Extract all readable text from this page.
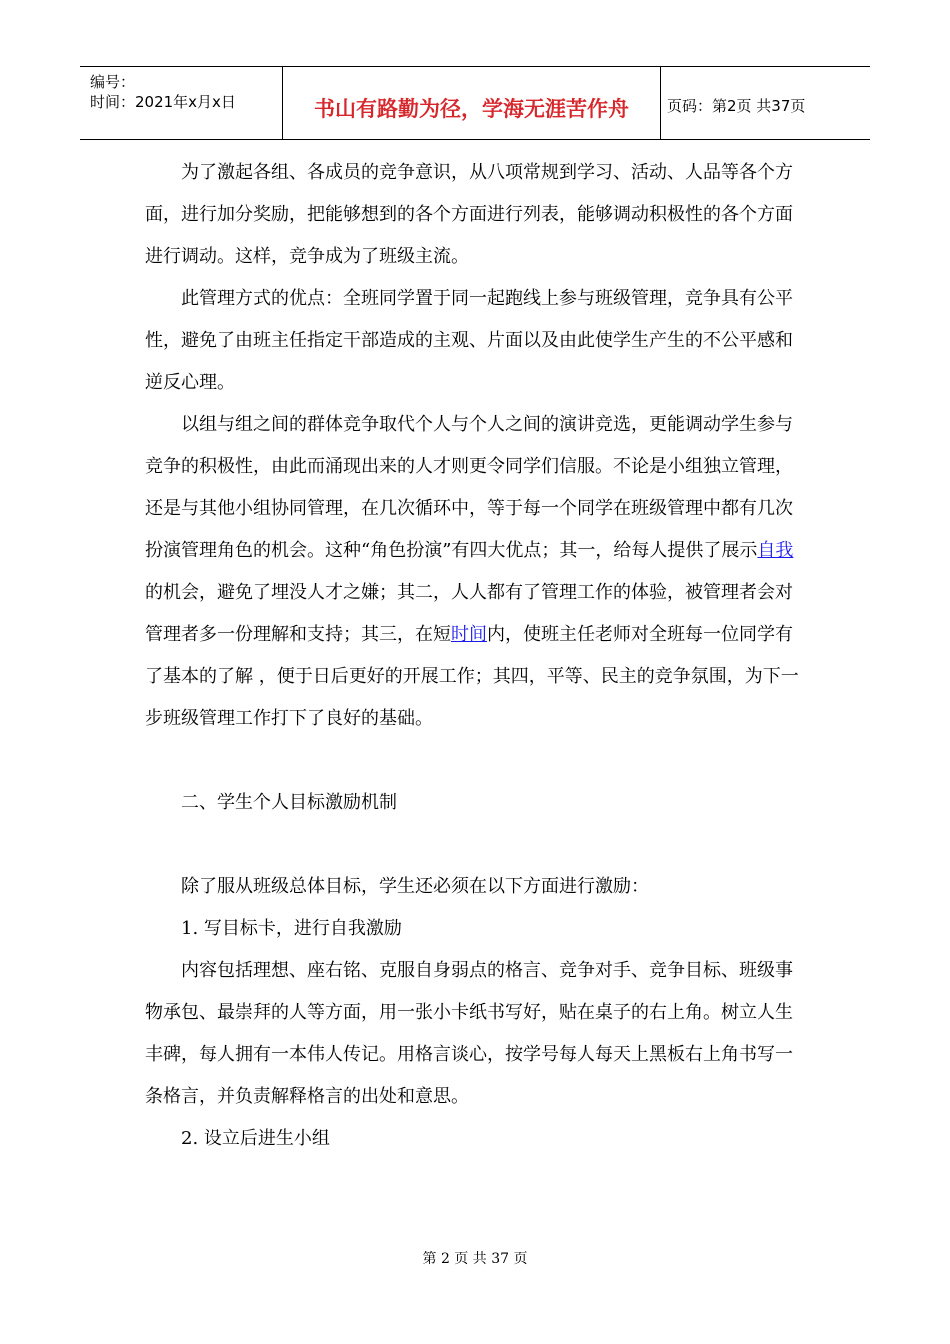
编号：
时间：2021年x月x日	书山有路勤为径，学海无涯苦作舟	页码：第2页 共37页

为了激起各组、各成员的竞争意识，从八项常规到学习、活动、人品等各个方面，进行加分奖励，把能够想到的各个方面进行列表，能够调动积极性的各个方面进行调动。这样，竞争成为了班级主流。

此管理方式的优点：全班同学置于同一起跑线上参与班级管理，竞争具有公平性，避免了由班主任指定干部造成的主观、片面以及由此使学生产生的不公平感和逆反心理。

以组与组之间的群体竞争取代个人与个人之间的演讲竞选，更能调动学生参与竞争的积极性，由此而涌现出来的人才则更令同学们信服。不论是小组独立管理，还是与其他小组协同管理，在几次循环中，等于每一个同学在班级管理中都有几次扮演管理角色的机会。这种“角色扮演”有四大优点；其一，给每人提供了展示自我的机会，避免了埋没人才之嫌；其二，人人都有了管理工作的体验，被管理者会对管理者多一份理解和支持；其三，在短时间内，使班主任老师对全班每一位同学有了基本的了解 ，便于日后更好的开展工作；其四，平等、民主的竞争氛围，为下一步班级管理工作打下了良好的基础。

二、学生个人目标激励机制

除了服从班级总体目标，学生还必须在以下方面进行激励：

1. 写目标卡，进行自我激励

内容包括理想、座右铭、克服自身弱点的格言、竞争对手、竞争目标、班级事物承包、最崇拜的人等方面，用一张小卡纸书写好，贴在桌子的右上角。树立人生丰碑，每人拥有一本伟人传记。用格言谈心，按学号每人每天上黑板右上角书写一条格言，并负责解释格言的出处和意思。

2. 设立后进生小组

第 2 页 共 37 页
